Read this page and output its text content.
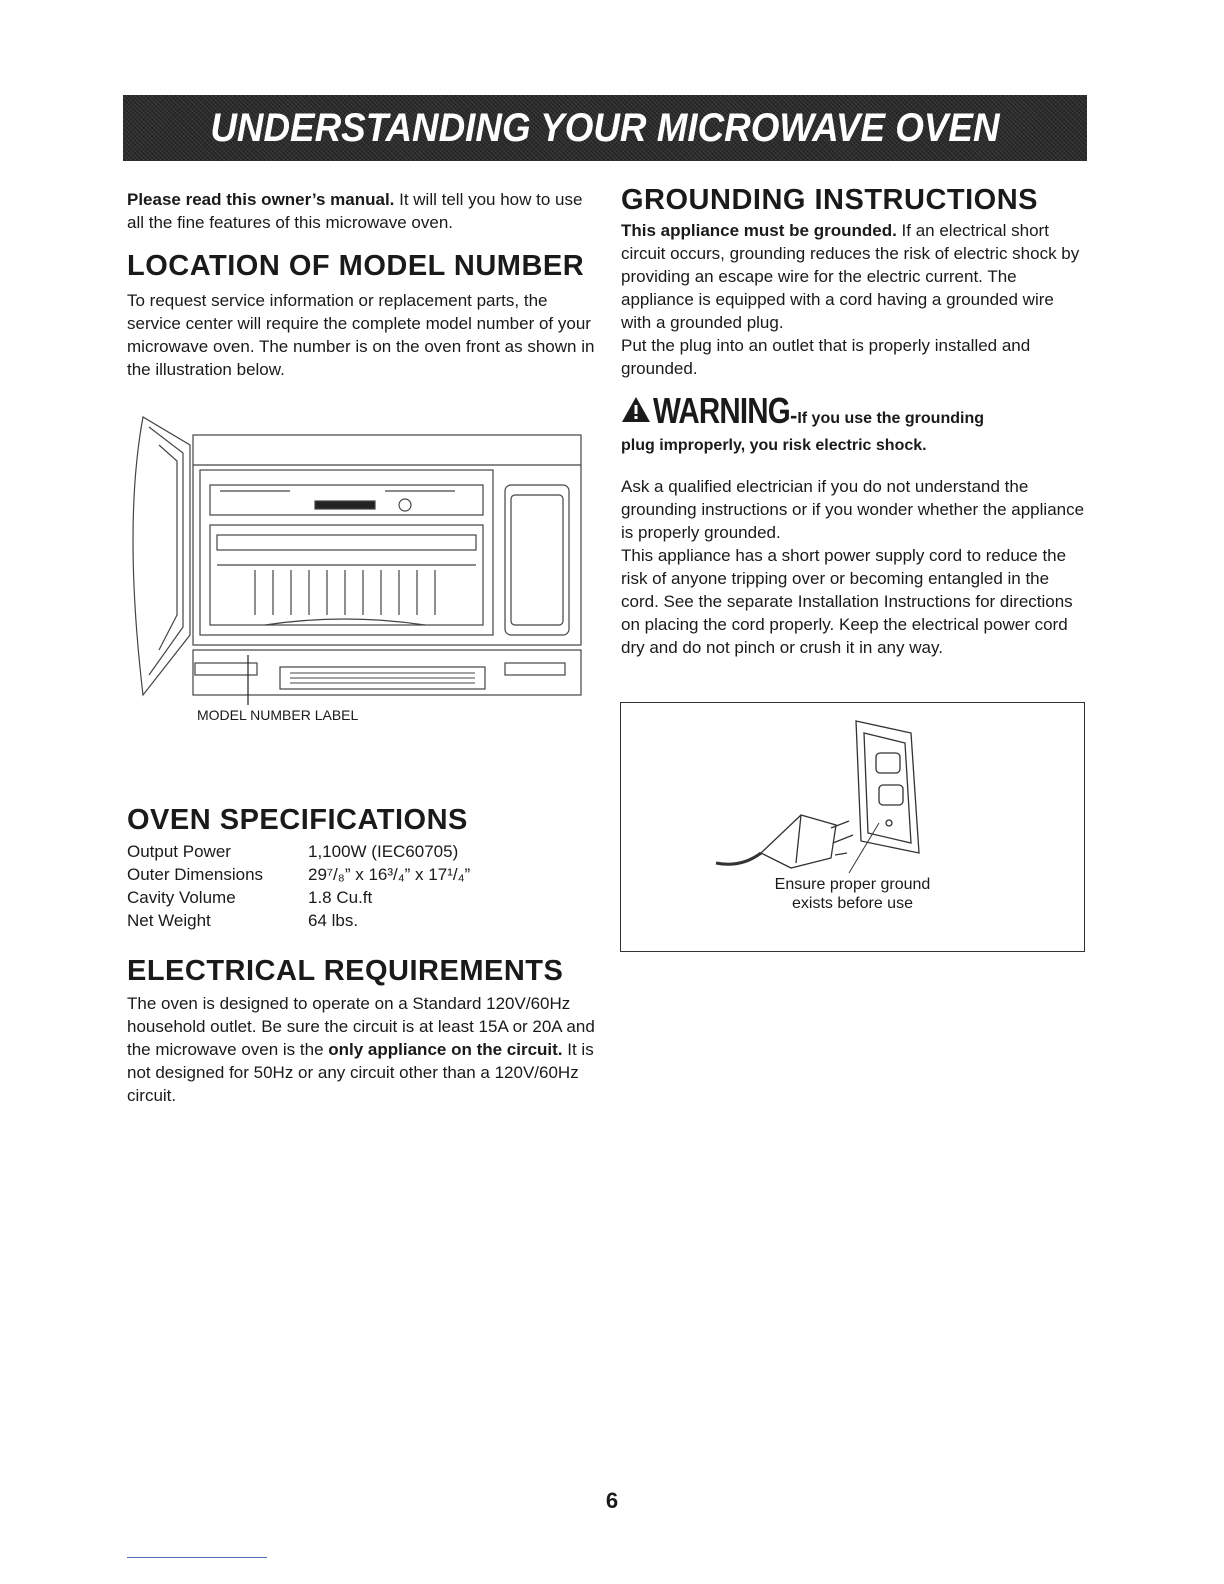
UNDERSTANDING YOUR MICROWAVE OVEN

Please read this owner’s manual. It will tell you how to use all the fine features of this microwave oven.

LOCATION OF MODEL NUMBER

To request service information or replacement parts, the service center will require the complete model number of your microwave oven. The number is on the oven front as shown in the illustration below.

MODEL NUMBER LABEL
OVEN SPECIFICATIONS
Output Power	1,100W (IEC60705)
Outer Dimensions	29⁷/₈” x 16³/₄” x 17¹/₄”
Cavity Volume	1.8 Cu.ft
Net Weight	64 lbs.
ELECTRICAL REQUIREMENTS

The oven is designed to operate on a Standard 120V/60Hz household outlet. Be sure the circuit is at least 15A or 20A and the microwave oven is the only appliance on the circuit. It is not designed for 50Hz or any circuit other than a 120V/60Hz circuit.

GROUNDING INSTRUCTIONS

This appliance must be grounded. If an electrical short circuit occurs, grounding reduces the risk of electric shock by providing an escape wire for the electric current. The appliance is equipped with a cord having a grounded wire with a grounded plug.

Put the plug into an outlet that is properly installed and grounded.

WARNING - If you use the grounding

plug improperly, you risk electric shock.

Ask a qualified electrician if you do not understand the grounding instructions or if you wonder whether the appliance is properly grounded.

This appliance has a short power supply cord to reduce the risk of anyone tripping over or becoming entangled in the cord. See the separate Installation Instructions for directions on placing the cord properly. Keep the electrical power cord dry and do not pinch or crush it in any way.

Ensure proper ground
exists before use
6
